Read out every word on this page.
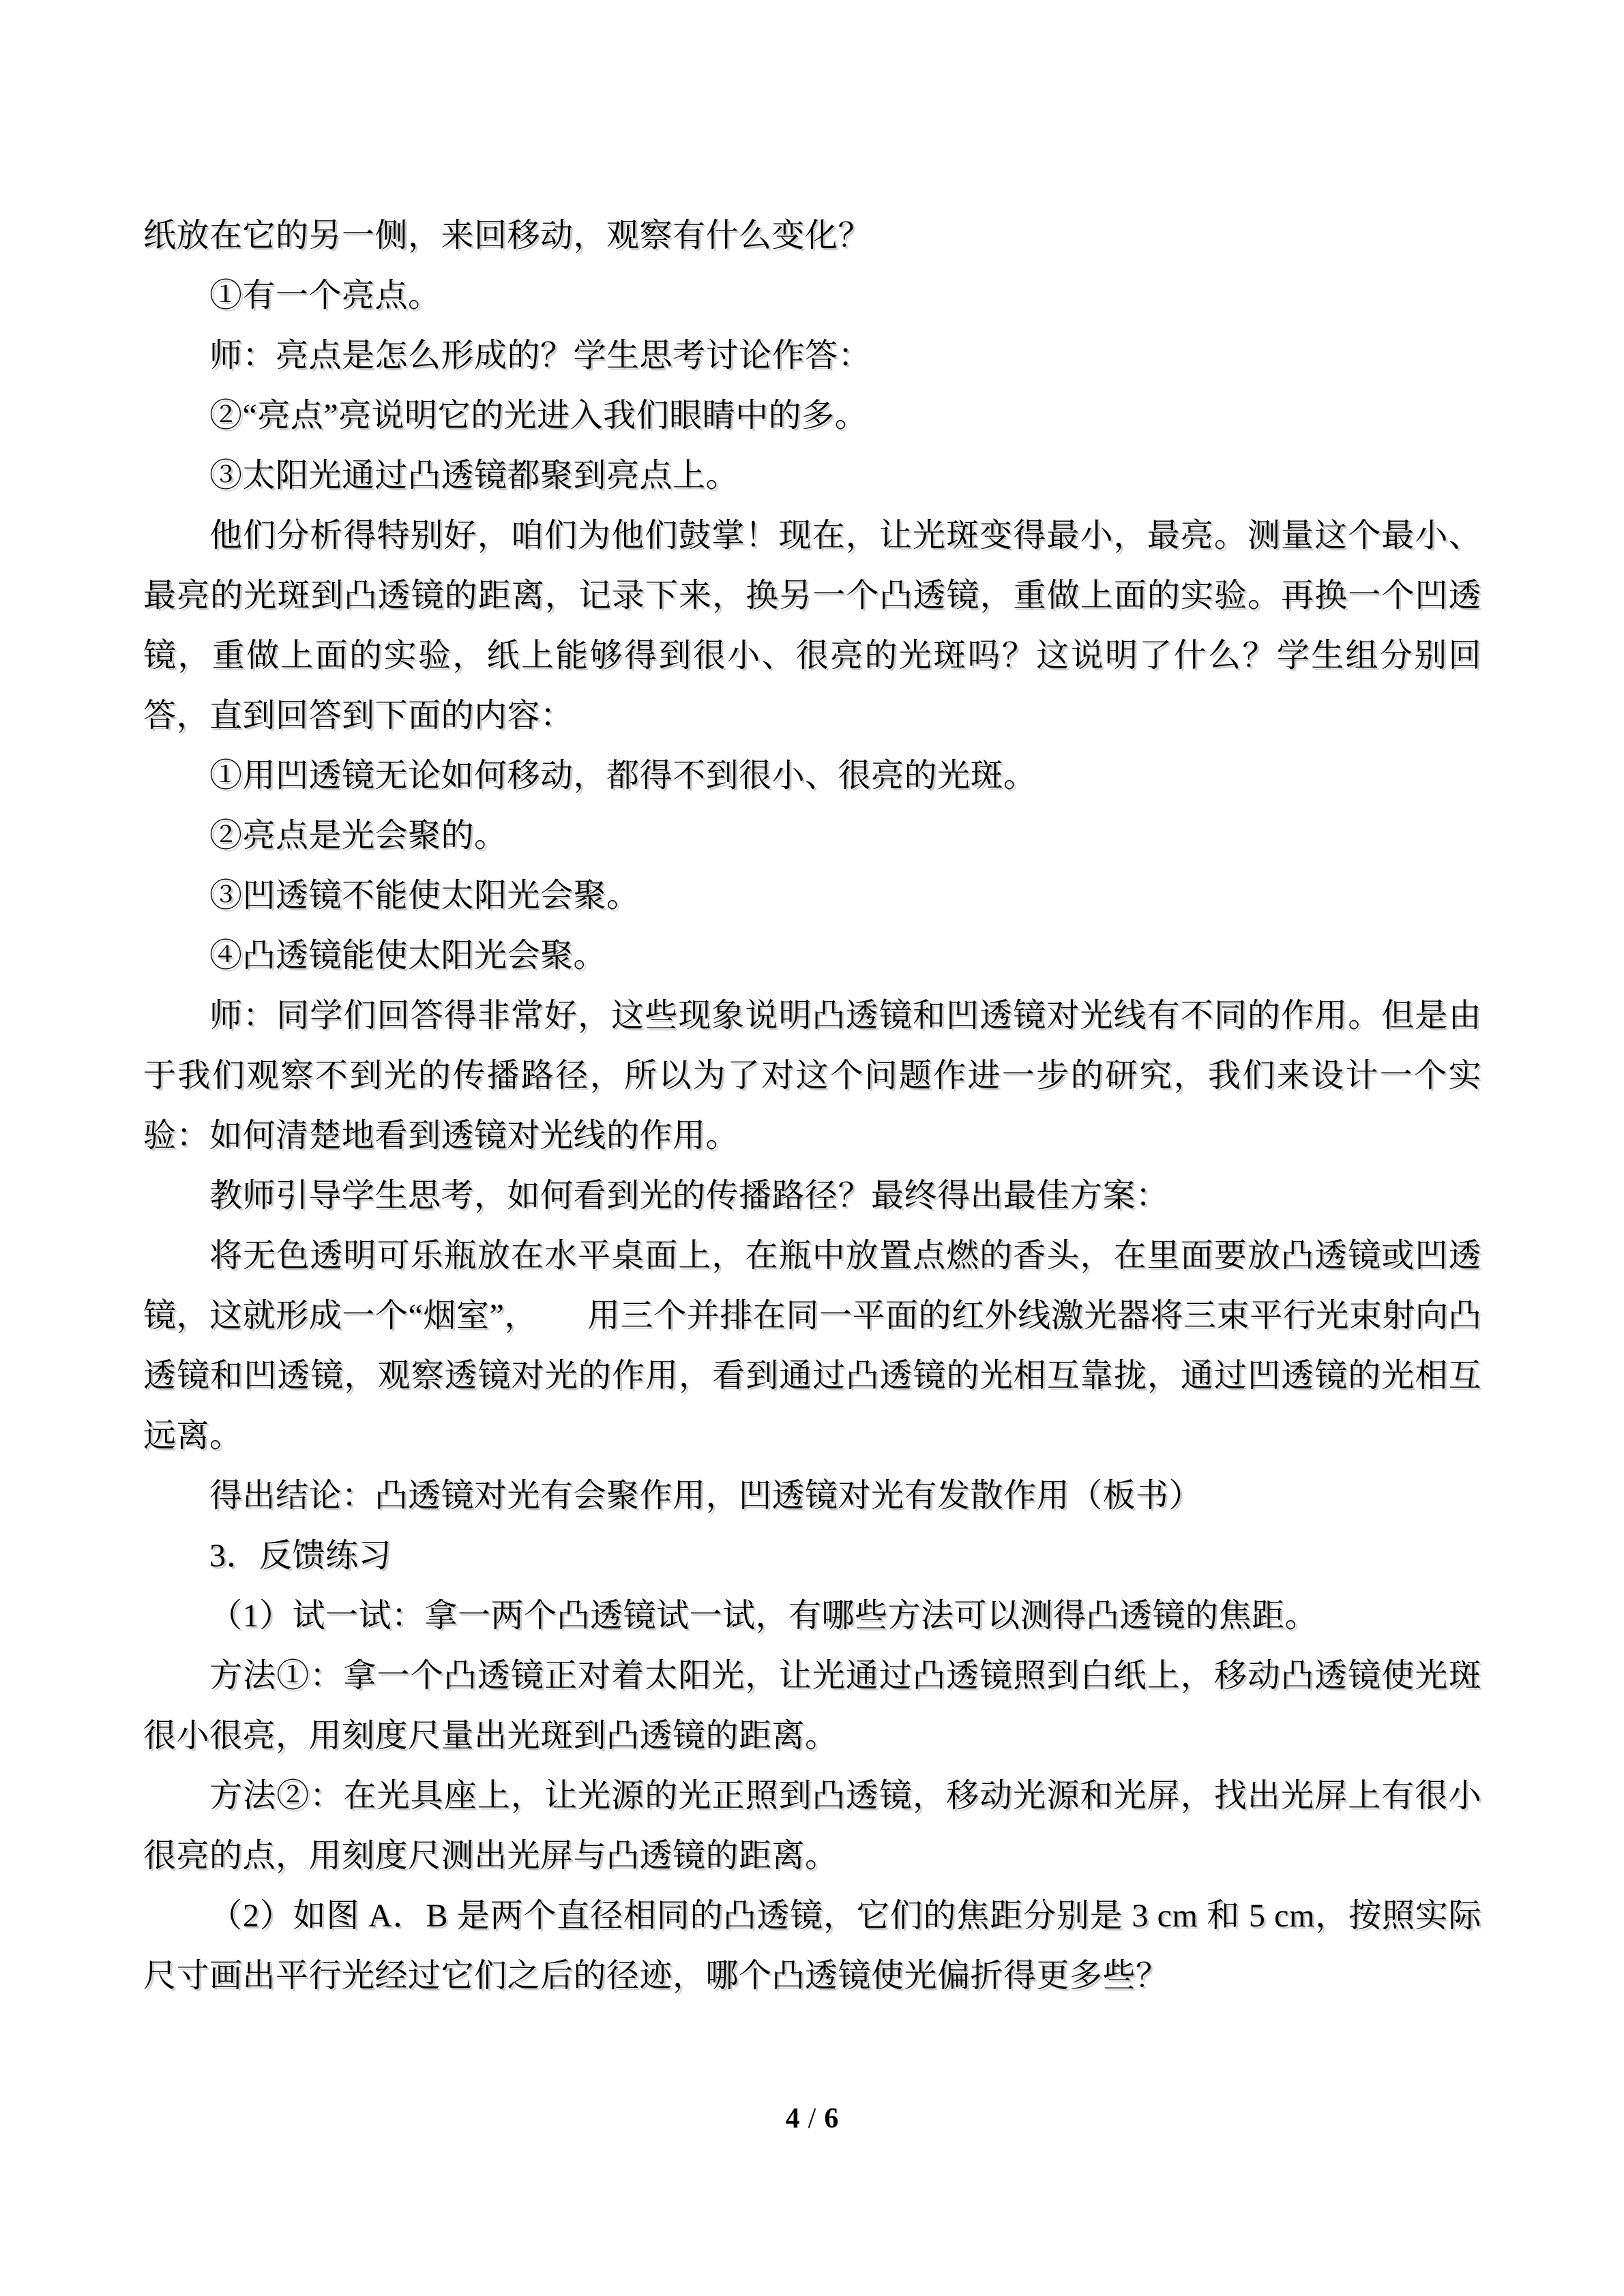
纸放在它的另一侧，来回移动，观察有什么变化？

①有一个亮点。

师：亮点是怎么形成的？学生思考讨论作答：

②“亮点”亮说明它的光进入我们眼睛中的多。

③太阳光通过凸透镜都聚到亮点上。

他们分析得特别好，咱们为他们鼓掌！现在，让光斑变得最小，最亮。测量这个最小、最亮的光斑到凸透镜的距离，记录下来，换另一个凸透镜，重做上面的实验。再换一个凹透镜，重做上面的实验，纸上能够得到很小、很亮的光斑吗？这说明了什么？学生组分别回答，直到回答到下面的内容：

①用凹透镜无论如何移动，都得不到很小、很亮的光斑。

②亮点是光会聚的。

③凹透镜不能使太阳光会聚。

④凸透镜能使太阳光会聚。

师：同学们回答得非常好，这些现象说明凸透镜和凹透镜对光线有不同的作用。但是由于我们观察不到光的传播路径，所以为了对这个问题作进一步的研究，我们来设计一个实验：如何清楚地看到透镜对光线的作用。

教师引导学生思考，如何看到光的传播路径？最终得出最佳方案：

将无色透明可乐瓶放在水平桌面上，在瓶中放置点燃的香头，在里面要放凸透镜或凹透镜，这就形成一个“烟室”，　　用三个并排在同一平面的红外线激光器将三束平行光束射向凸透镜和凹透镜，观察透镜对光的作用，看到通过凸透镜的光相互靠拢，通过凹透镜的光相互远离。

得出结论：凸透镜对光有会聚作用，凹透镜对光有发散作用（板书）

3．反馈练习

（1）试一试：拿一两个凸透镜试一试，有哪些方法可以测得凸透镜的焦距。

方法①：拿一个凸透镜正对着太阳光，让光通过凸透镜照到白纸上，移动凸透镜使光斑很小很亮，用刻度尺量出光斑到凸透镜的距离。

方法②：在光具座上，让光源的光正照到凸透镜，移动光源和光屏，找出光屏上有很小很亮的点，用刻度尺测出光屏与凸透镜的距离。

（2）如图 A．B 是两个直径相同的凸透镜，它们的焦距分别是 3 cm 和 5 cm，按照实际尺寸画出平行光经过它们之后的径迹，哪个凸透镜使光偏折得更多些？

4 / 6
